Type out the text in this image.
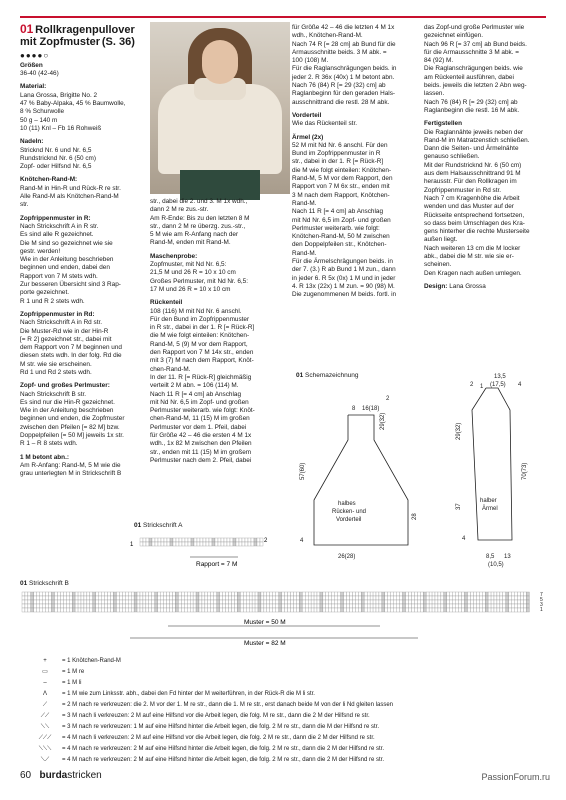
01 Rollkragenpullover
mit Zopfmuster (S. 36)
●●●●○

Größen

36-40 (42-46)

Material:

Lana Grossa, Brigitte No. 2

47 % Baby-Alpaka, 45 % Baumwolle,

8 % Schurwolle

50 g – 140 m

10 (11) Knl – Fb 16 Rohweiß

Nadeln:

Stricknd Nr. 6 und Nr. 6,5

Rundstricknd Nr. 6 (50 cm)

Zopf- oder Hilfsnd Nr. 6,5

Knötchen-Rand-M:

Rand-M in Hin-R und Rück-R re str.

Alle Rand-M als Knötchen-Rand-M

str.

Zopfrippenmuster in R:

Nach Strickschrift A in R str.

Es sind alle R gezeichnet.

Die M sind so gezeichnet wie sie

gestr. werden!

Wie in der Anleitung beschrieben

beginnen und enden, dabei den

Rapport von 7 M stets wdh.

Zur besseren Übersicht sind 3 Rap-

porte gezeichnet.

R 1 und R 2 stets wdh.

Zopfrippenmuster in Rd:

Nach Strickschrift A in Rd str.

Die Muster-Rd wie in der Hin-R

[= R 2] gezeichnet str., dabei mit

dem Rapport von 7 M beginnen und

diesen stets wdh. In der folg. Rd die

M str. wie sie erscheinen.

Rd 1 und Rd 2 stets wdh.

Zopf- und großes Perlmuster:

Nach Strickschrift B str.

Es sind nur die Hin-R gezeichnet.

Wie in der Anleitung beschrieben

beginnen und enden, die Zopfmuster

zwischen den Pfeilen [= 82 M] bzw.

Doppelpfeilen [= 50 M] jeweils 1x str.

R 1 – R 8 stets wdh.

1 M betont abn.:

Am R-Anfang: Rand-M, 5 M wie die

grau unterlegten M in Strickschrift B

str., dabei die 2. und 3. M 1x wdh.,

dann 2 M re zus.-str.

Am R-Ende: Bis zu den letzten 8 M

str., dann 2 M re überzg. zus.-str.,

5 M wie am R-Anfang nach der

Rand-M, enden mit Rand-M.

Maschenprobe:

Zopfmuster, mit Nd Nr. 6,5:

21,5 M und 26 R = 10 x 10 cm

Großes Perlmuster, mit Nd Nr. 6,5:

17 M und 26 R = 10 x 10 cm

Rückenteil

108 (116) M mit Nd Nr. 6 anschl.

Für den Bund im Zopfrippenmuster

in R str., dabei in der 1. R [= Rück-R]

die M wie folgt einteilen: Knötchen-

Rand-M, 5 (9) M vor dem Rapport,

den Rapport von 7 M 14x str., enden

mit 3 (7) M nach dem Rapport, Knöt-

chen-Rand-M.

In der 11. R [= Rück-R] gleichmäßig

verteilt 2 M abn. = 106 (114) M.

Nach 11 R [= 4 cm] ab Anschlag

mit Nd Nr. 6,5 im Zopf- und großen

Perlmuster weiterarb. wie folgt: Knöt-

chen-Rand-M, 11 (15) M im großen

Perlmuster vor dem 1. Pfeil, dabei

für Größe 42 – 46 die ersten 4 M 1x

wdh., 1x 82 M zwischen den Pfeilen

str., enden mit 11 (15) M im großem

Perlmuster nach dem 2. Pfeil, dabei

für Größe 42 – 46 die letzten 4 M 1x

wdh., Knötchen-Rand-M.

Nach 74 R [= 28 cm] ab Bund für die

Armausschnitte beids. 3 M abk. =

100 (108) M.

Für die Raglanschrägungen beids. in

jeder 2. R 36x (40x) 1 M betont abn.

Nach 76 (84) R [= 29 (32) cm] ab

Raglanbeginn für den geraden Hals-

ausschnittrand die restl. 28 M abk.

Vorderteil

Wie das Rückenteil str.

Ärmel (2x)

52 M mit Nd Nr. 6 anschl. Für den

Bund im Zopfrippenmuster in R

str., dabei in der 1. R [= Rück-R]

die M wie folgt einteilen: Knötchen-

Rand-M, 5 M vor dem Rapport, den

Rapport von 7 M 6x str., enden mit

3 M nach dem Rapport, Knötchen-

Rand-M.

Nach 11 R [= 4 cm] ab Anschlag

mit Nd Nr. 6,5 im Zopf- und großen

Perlmuster weiterarb. wie folgt:

Knötchen-Rand-M, 50 M zwischen

den Doppelpfeilen str., Knötchen-

Rand-M.

Für die Ärmelschrägungen beids. in

der 7. (3.) R ab Bund 1 M zun., dann

in jeder 6. R 5x (0x) 1 M und in jeder

4. R 13x (22x) 1 M zun. = 90 (98) M.

Die zugenommenen M beids. fortl. in

das Zopf-und große Perlmuster wie

gezeichnet einfügen.

Nach 96 R [= 37 cm] ab Bund beids.

für die Armausschnitte 3 M abk. =

84 (92) M.

Die Raglanschrägungen beids. wie

am Rückenteil ausführen, dabei

beids. jeweils die letzten 2 Abn weg-

lassen.

Nach 76 (84) R [= 29 (32) cm] ab

Raglanbeginn die restl. 16 M abk.

Fertigstellen

Die Raglannähte jeweils neben der

Rand-M im Matratzenstich schließen.

Dann die Seiten- und Ärmelnähte

genauso schließen.

Mit der Rundstricknd Nr. 6 (50 cm)

aus dem Halsausschnittrand 91 M

herausstr. Für den Rollkragen im

Zopfrippenmuster in Rd str.

Nach 7 cm Kragenhöhe die Arbeit

wenden und das Muster auf der

Rückseite entsprechend fortsetzen,

so dass beim Umschlagen des Kra-

gens hinterher die rechte Musterseite

außen liegt.

Nach weiteren 13 cm die M locker

abk., dabei die M str. wie sie er-

scheinen.

Den Kragen nach außen umlegen.

Design: Lana Grossa

01 Schemazeichnung
8 16(18)
2
halbes
Rücken- und
Vorderteil
halber
Ärmel
26(28)
29(32)
57(60)
28
4
2 1
13,5
(17,5) 4
29(32)
37
70(73)
4
8,5 13
(10,5)
01 Strickschrift A
1
2
Rapport = 7 M
01 Strickschrift B
7
5
3
1
Muster = 50 M
Muster = 82 M
+	= 1 Knötchen-Rand-M
▭	= 1 M re
–	= 1 M li
Λ	= 1 M wie zum Linksstr. abh., dabei den Fd hinter der M weiterführen, in der Rück-R die M li str.
⟋	= 2 M nach re verkreuzen: die 2. M vor der 1. M re str., dann die 1. M re str., erst danach beide M von der li Nd gleiten lassen
⟋⟋	= 3 M nach li verkreuzen: 2 M auf eine Hilfsnd vor die Arbeit legen, die folg. M re str., dann die 2 M der Hilfsnd re str.
⟍⟍	= 3 M nach re verkreuzen: 1 M auf eine Hilfsnd hinter die Arbeit legen, die folg. 2 M re str., dann die M der Hilfsnd re str.
⟋⟋⟋	= 4 M nach li verkreuzen: 2 M auf eine Hilfsnd vor die Arbeit legen, die folg. 2 M re str., dann die 2 M der Hilfsnd re str.
⟍⟍⟍	= 4 M nach re verkreuzen: 2 M auf eine Hilfsnd hinter die Arbeit legen, die folg. 2 M re str., dann die 2 M der Hilfsnd re str.
⟍⟋	= 4 M nach re verkreuzen: 2 M auf eine Hilfsnd hinter die Arbeit legen, die folg. 2 M re str., dann die 2 M der Hilfsnd re str.
60 burdastricken	PassionForum.ru
